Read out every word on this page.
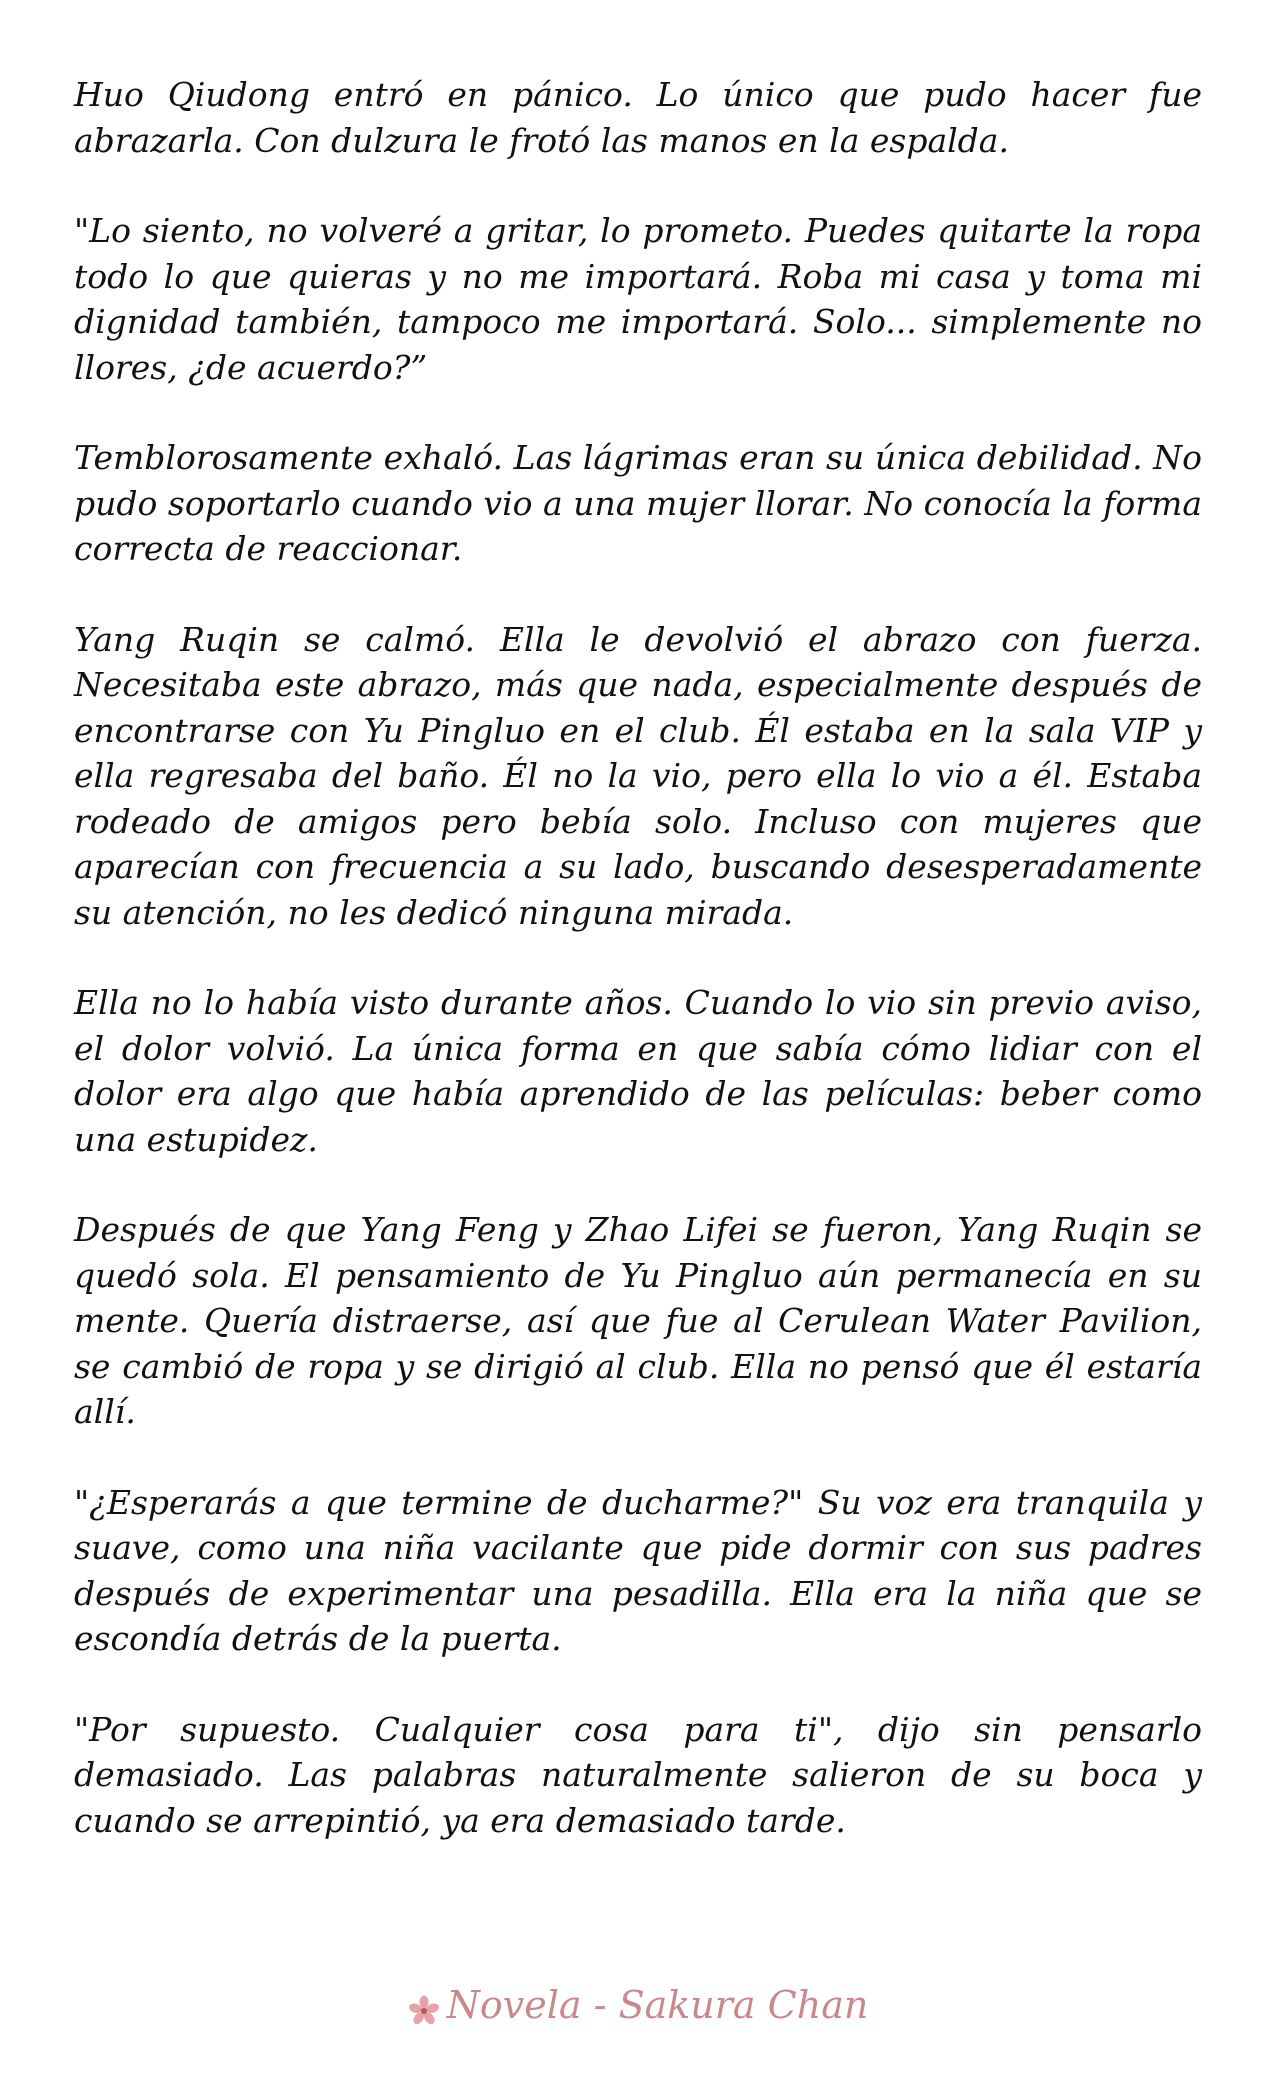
Huo Qiudong entró en pánico. Lo único que pudo hacer fue abrazarla. Con dulzura le frotó las manos en la espalda.

"Lo siento, no volveré a gritar, lo prometo. Puedes quitarte la ropa todo lo que quieras y no me importará. Roba mi casa y toma mi dignidad también, tampoco me importará. Solo... simplemente no llores, ¿de acuerdo?”

Temblorosamente exhaló. Las lágrimas eran su única debilidad. No pudo soportarlo cuando vio a una mujer llorar. No conocía la forma correcta de reaccionar.

Yang Ruqin se calmó. Ella le devolvió el abrazo con fuerza. Necesitaba este abrazo, más que nada, especialmente después de encontrarse con Yu Pingluo en el club. Él estaba en la sala VIP y ella regresaba del baño. Él no la vio, pero ella lo vio a él. Estaba rodeado de amigos pero bebía solo. Incluso con mujeres que aparecían con frecuencia a su lado, buscando desesperadamente su atención, no les dedicó ninguna mirada.

Ella no lo había visto durante años. Cuando lo vio sin previo aviso, el dolor volvió. La única forma en que sabía cómo lidiar con el dolor era algo que había aprendido de las películas: beber como una estupidez.

Después de que Yang Feng y Zhao Lifei se fueron, Yang Ruqin se quedó sola. El pensamiento de Yu Pingluo aún permanecía en su mente. Quería distraerse, así que fue al Cerulean Water Pavilion, se cambió de ropa y se dirigió al club. Ella no pensó que él estaría allí.

"¿Esperarás a que termine de ducharme?" Su voz era tranquila y suave, como una niña vacilante que pide dormir con sus padres después de experimentar una pesadilla. Ella era la niña que se escondía detrás de la puerta.

"Por supuesto. Cualquier cosa para ti", dijo sin pensarlo demasiado. Las palabras naturalmente salieron de su boca y cuando se arrepintió, ya era demasiado tarde.

Novela - Sakura Chan
